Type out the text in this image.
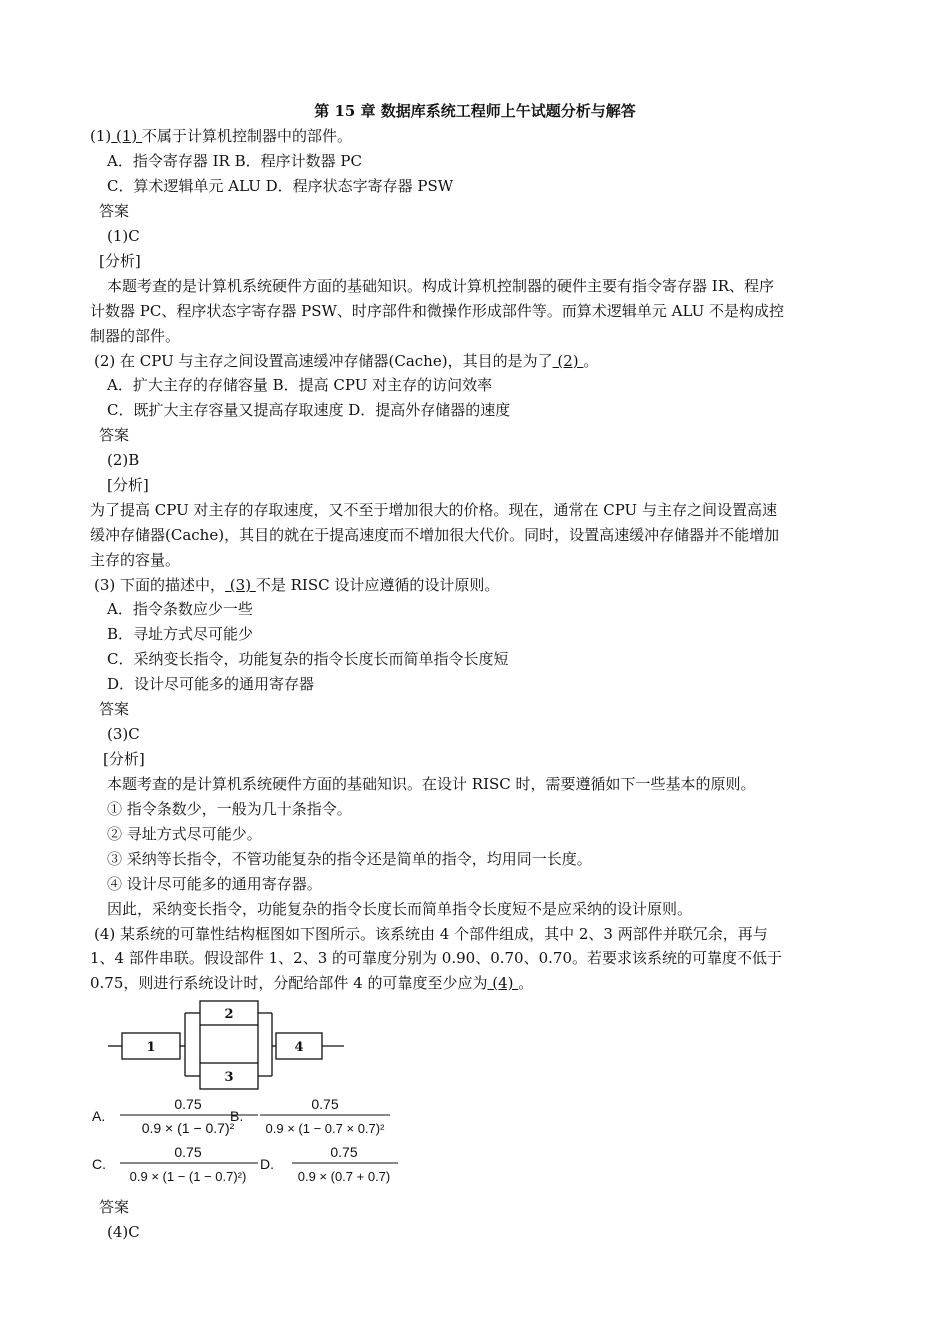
第 15 章 数据库系统工程师上午试题分析与解答
(1) (1) 不属于计算机控制器中的部件。
A．指令寄存器 IR B．程序计数器 PC
C．算术逻辑单元 ALU D．程序状态字寄存器 PSW
答案
(1)C
[分析]
本题考查的是计算机系统硬件方面的基础知识。构成计算机控制器的硬件主要有指令寄存器 IR、程序
计数器 PC、程序状态字寄存器 PSW、时序部件和微操作形成部件等。而算术逻辑单元 ALU 不是构成控
制器的部件。
(2) 在 CPU 与主存之间设置高速缓冲存储器(Cache)，其目的是为了 (2) 。
A．扩大主存的存储容量 B．提高 CPU 对主存的访问效率
C．既扩大主存容量又提高存取速度 D．提高外存储器的速度
答案
(2)B
[分析]
为了提高 CPU 对主存的存取速度，又不至于增加很大的价格。现在，通常在 CPU 与主存之间设置高速
缓冲存储器(Cache)，其目的就在于提高速度而不增加很大代价。同时，设置高速缓冲存储器并不能增加
主存的容量。
(3) 下面的描述中， (3) 不是 RISC 设计应遵循的设计原则。
A．指令条数应少一些
B．寻址方式尽可能少
C．采纳变长指令，功能复杂的指令长度长而简单指令长度短
D．设计尽可能多的通用寄存器
答案
(3)C
[分析]
本题考查的是计算机系统硬件方面的基础知识。在设计 RISC 时，需要遵循如下一些基本的原则。
① 指令条数少，一般为几十条指令。
② 寻址方式尽可能少。
③ 采纳等长指令，不管功能复杂的指令还是简单的指令，均用同一长度。
④ 设计尽可能多的通用寄存器。
因此，采纳变长指令，功能复杂的指令长度长而简单指令长度短不是应采纳的设计原则。
(4) 某系统的可靠性结构框图如下图所示。该系统由 4 个部件组成，其中 2、3 两部件并联冗余，再与
1、4 部件串联。假设部件 1、2、3 的可靠度分别为 0.90、0.70、0.70。若要求该系统的可靠度不低于
0.75，则进行系统设计时，分配给部件 4 的可靠度至少应为 (4) 。
1
2
3
4
A.
0.75
0.9 × (1 − 0.7)²
B.
0.75
0.9 × (1 − 0.7 × 0.7)²
C.
0.75
0.9 × (1 − (1 − 0.7)²)
D.
0.75
0.9 × (0.7 + 0.7)
答案
(4)C
